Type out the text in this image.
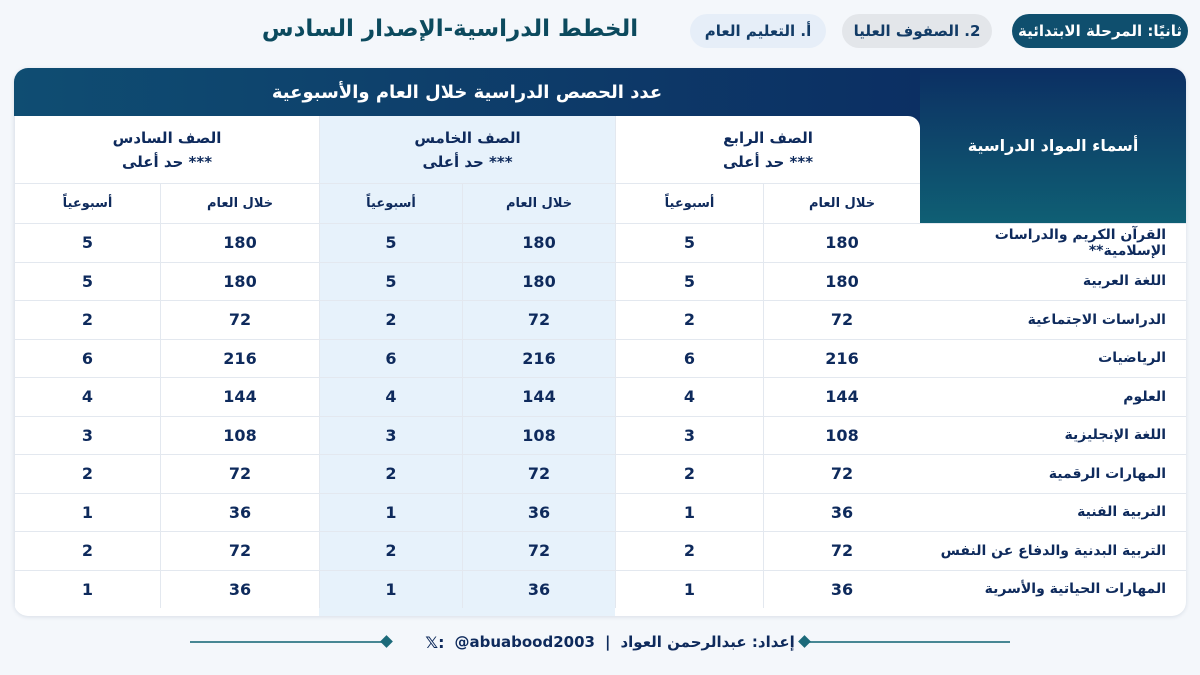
ثانيًا: المرحلة الابتدائية
2. الصفوف العليا
أ. التعليم العام
الخطط الدراسية-الإصدار السادس
أسماء المواد الدراسية
عدد الحصص الدراسية خلال العام والأسبوعية
الصف الرابع
*** حد أعلى
الصف الخامس
*** حد أعلى
الصف السادس
*** حد أعلى
خلال العام
أسبوعياً
خلال العام
أسبوعياً
خلال العام
أسبوعياً
القرآن الكريم والدراسات الإسلامية**
180
5
180
5
180
5
اللغة العربية
180
5
180
5
180
5
الدراسات الاجتماعية
72
2
72
2
72
2
الرياضيات
216
6
216
6
216
6
العلوم
144
4
144
4
144
4
اللغة الإنجليزية
108
3
108
3
108
3
المهارات الرقمية
72
2
72
2
72
2
التربية الفنية
36
1
36
1
36
1
التربية البدنية والدفاع عن النفس
72
2
72
2
72
2
المهارات الحياتية والأسرية
36
1
36
1
36
1
𝕏: @abuabood2003 | إعداد: عبدالرحمن العواد
